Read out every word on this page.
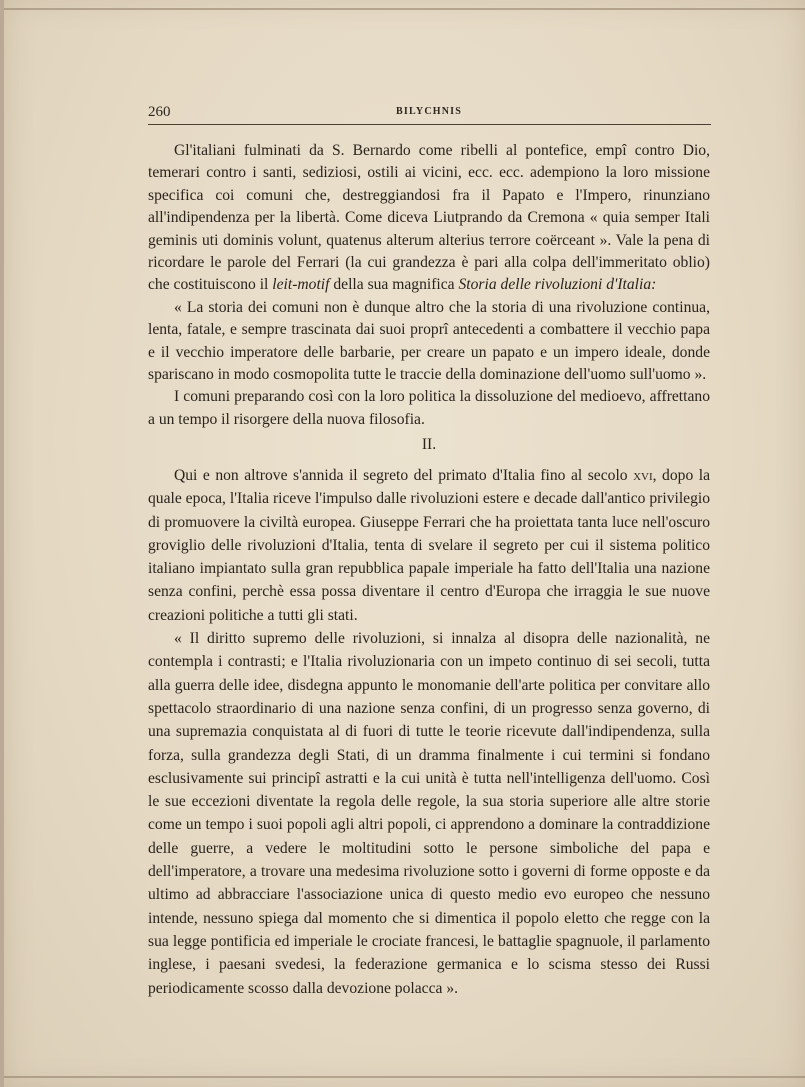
260	BILYCHNIS

Gl'italiani fulminati da S. Bernardo come ribelli al pontefice, empî contro Dio, temerari contro i santi, sediziosi, ostili ai vicini, ecc. ecc. adempiono la loro missione specifica coi comuni che, destreggiandosi fra il Papato e l'Impero, rinunziano all'indipendenza per la libertà. Come diceva Liutprando da Cremona « quia semper Itali geminis uti dominis volunt, quatenus alterum alterius terrore coërceant ». Vale la pena di ricordare le parole del Ferrari (la cui grandezza è pari alla colpa dell'immeritato oblio) che costituiscono il leit-motif della sua magnifica Storia delle rivoluzioni d'Italia:

« La storia dei comuni non è dunque altro che la storia di una rivoluzione continua, lenta, fatale, e sempre trascinata dai suoi proprî antecedenti a combattere il vecchio papa e il vecchio imperatore delle barbarie, per creare un papato e un impero ideale, donde spariscano in modo cosmopolita tutte le traccie della dominazione dell'uomo sull'uomo ».

I comuni preparando così con la loro politica la dissoluzione del medioevo, affrettano a un tempo il risorgere della nuova filosofia.

II.

Qui e non altrove s'annida il segreto del primato d'Italia fino al secolo xvi, dopo la quale epoca, l'Italia riceve l'impulso dalle rivoluzioni estere e decade dall'antico privilegio di promuovere la civiltà europea. Giuseppe Ferrari che ha proiettata tanta luce nell'oscuro groviglio delle rivoluzioni d'Italia, tenta di svelare il segreto per cui il sistema politico italiano impiantato sulla gran repubblica papale imperiale ha fatto dell'Italia una nazione senza confini, perchè essa possa diventare il centro d'Europa che irraggia le sue nuove creazioni politiche a tutti gli stati.

« Il diritto supremo delle rivoluzioni, si innalza al disopra delle nazionalità, ne contempla i contrasti; e l'Italia rivoluzionaria con un impeto continuo di sei secoli, tutta alla guerra delle idee, disdegna appunto le monomanie dell'arte politica per convitare allo spettacolo straordinario di una nazione senza confini, di un progresso senza governo, di una supremazia conquistata al di fuori di tutte le teorie ricevute dall'indipendenza, sulla forza, sulla grandezza degli Stati, di un dramma finalmente i cui termini si fondano esclusivamente sui principî astratti e la cui unità è tutta nell'intelligenza dell'uomo. Così le sue eccezioni diventate la regola delle regole, la sua storia superiore alle altre storie come un tempo i suoi popoli agli altri popoli, ci apprendono a dominare la contraddizione delle guerre, a vedere le moltitudini sotto le persone simboliche del papa e dell'imperatore, a trovare una medesima rivoluzione sotto i governi di forme opposte e da ultimo ad abbracciare l'associazione unica di questo medio evo europeo che nessuno intende, nessuno spiega dal momento che si dimentica il popolo eletto che regge con la sua legge pontificia ed imperiale le crociate francesi, le battaglie spagnuole, il parlamento inglese, i paesani svedesi, la federazione germanica e lo scisma stesso dei Russi periodicamente scosso dalla devozione polacca ».
